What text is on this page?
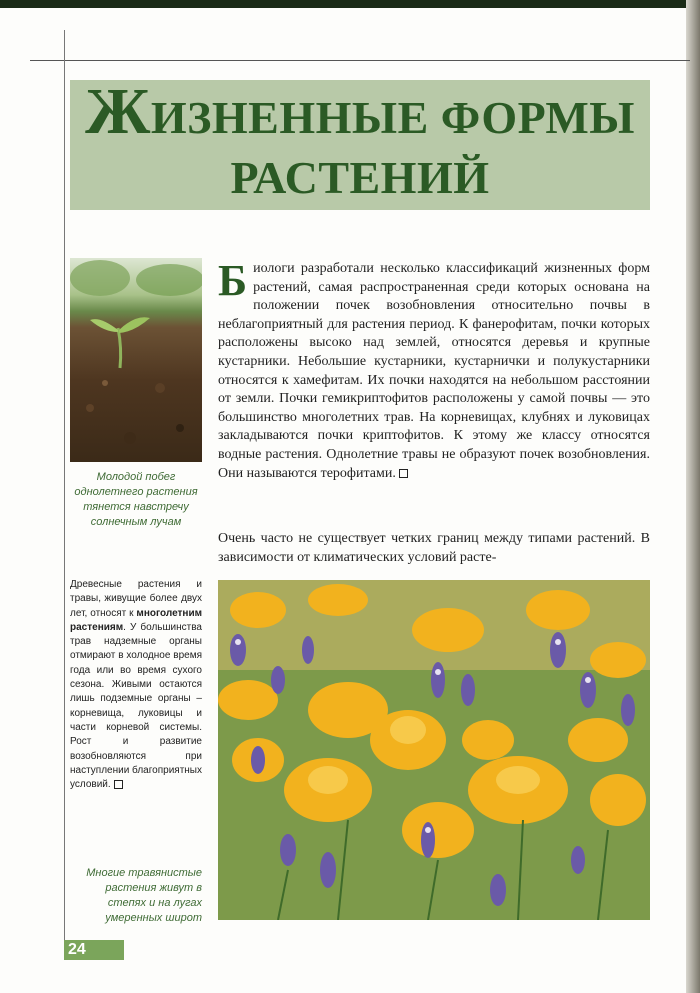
ЖИЗНЕННЫЕ ФОРМЫ
РАСТЕНИЙ
Молодой побег однолетнего растения тянется навстречу солнечным лучам
Биологи разработали несколько классификаций жизненных форм растений, самая распространенная среди которых основана на положении почек возобновления относительно почвы в неблагоприятный для растения период. К фанерофитам, почки которых расположены высоко над землей, относятся деревья и крупные кустарники. Небольшие кустарники, кустарнички и полукустарники относятся к хамефитам. Их почки находятся на небольшом расстоянии от земли. Почки гемикриптофитов расположены у самой почвы — это большинство многолетних трав. На корневищах, клубнях и луковицах закладываются почки криптофитов. К этому же классу относятся водные растения. Однолетние травы не образуют почек возобновления. Они называются терофитами.
Очень часто не существует четких границ между типами растений. В зависимости от климатических условий расте-
Древесные растения и травы, живущие более двух лет, относят к многолетним растениям. У большинства трав надземные органы отмирают в холодное время года или во время сухого сезона. Живыми остаются лишь подземные органы – корневища, луковицы и части корневой системы. Рост и развитие возобновляются при наступлении благоприятных условий.
Многие травянистые растения живут в степях и на лугах умеренных широт
24
